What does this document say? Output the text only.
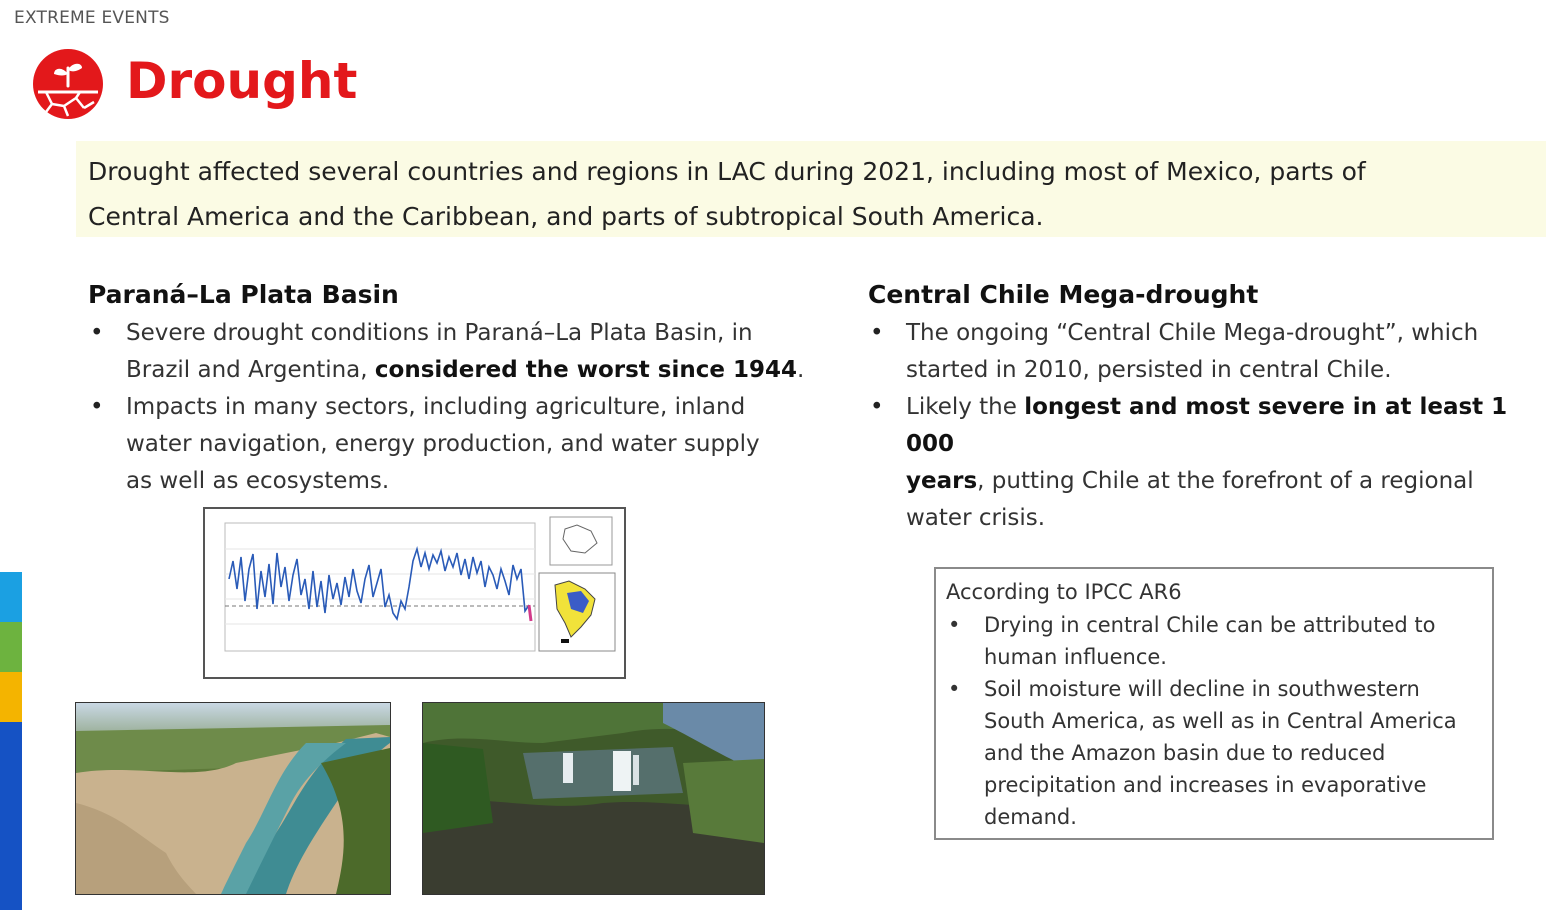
EXTREME EVENTS
Drought
Drought affected several countries and regions in LAC during 2021, including most of Mexico, parts of
Central America and the Caribbean, and parts of subtropical South America.
Paraná–La Plata Basin
• Severe drought conditions in Paraná–La Plata Basin, in
Brazil and Argentina, considered the worst since 1944.
• Impacts in many sectors, including agriculture, inland
water navigation, energy production, and water supply
as well as ecosystems.
Central Chile Mega-drought
• The ongoing “Central Chile Mega-drought”, which
started in 2010, persisted in central Chile.
• Likely the longest and most severe in at least 1 000
years, putting Chile at the forefront of a regional
water crisis.
According to IPCC AR6
• Drying in central Chile can be attributed to
human influence.
• Soil moisture will decline in southwestern
South America, as well as in Central America
and the Amazon basin due to reduced
precipitation and increases in evaporative
demand.
